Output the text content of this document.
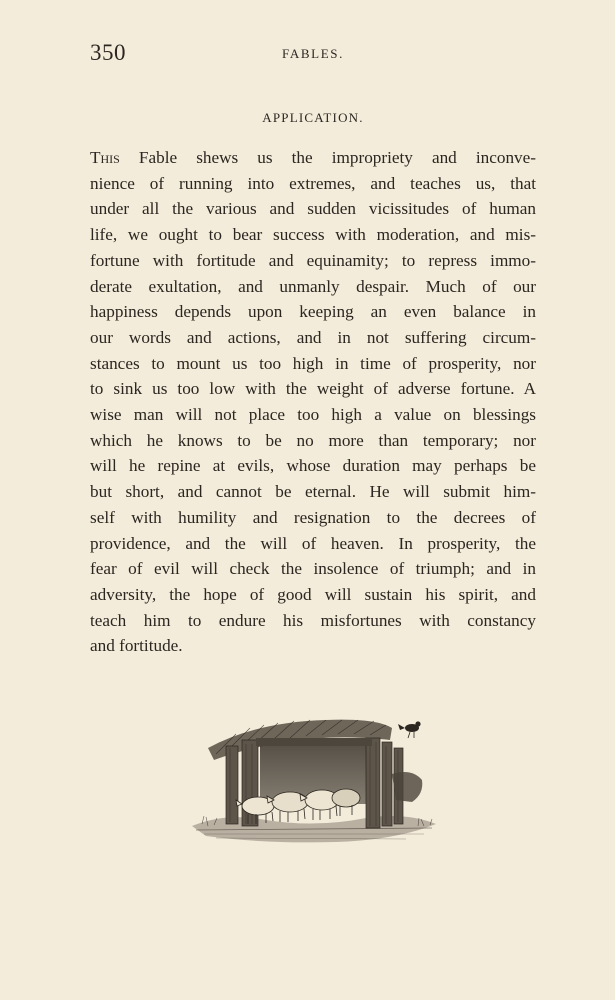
350	FABLES.
APPLICATION.
This Fable shews us the impropriety and inconve-
nience of running into extremes, and teaches us, that
under all the various and sudden vicissitudes of human
life, we ought to bear success with moderation, and mis-
fortune with fortitude and equinamity; to repress immo-
derate exultation, and unmanly despair. Much of our
happiness depends upon keeping an even balance in
our words and actions, and in not suffering circum-
stances to mount us too high in time of prosperity, nor
to sink us too low with the weight of adverse fortune. A
wise man will not place too high a value on blessings
which he knows to be no more than temporary; nor
will he repine at evils, whose duration may perhaps be
but short, and cannot be eternal. He will submit him-
self with humility and resignation to the decrees of
providence, and the will of heaven. In prosperity, the
fear of evil will check the insolence of triumph; and in
adversity, the hope of good will sustain his spirit, and
teach him to endure his misfortunes with constancy
and fortitude.
